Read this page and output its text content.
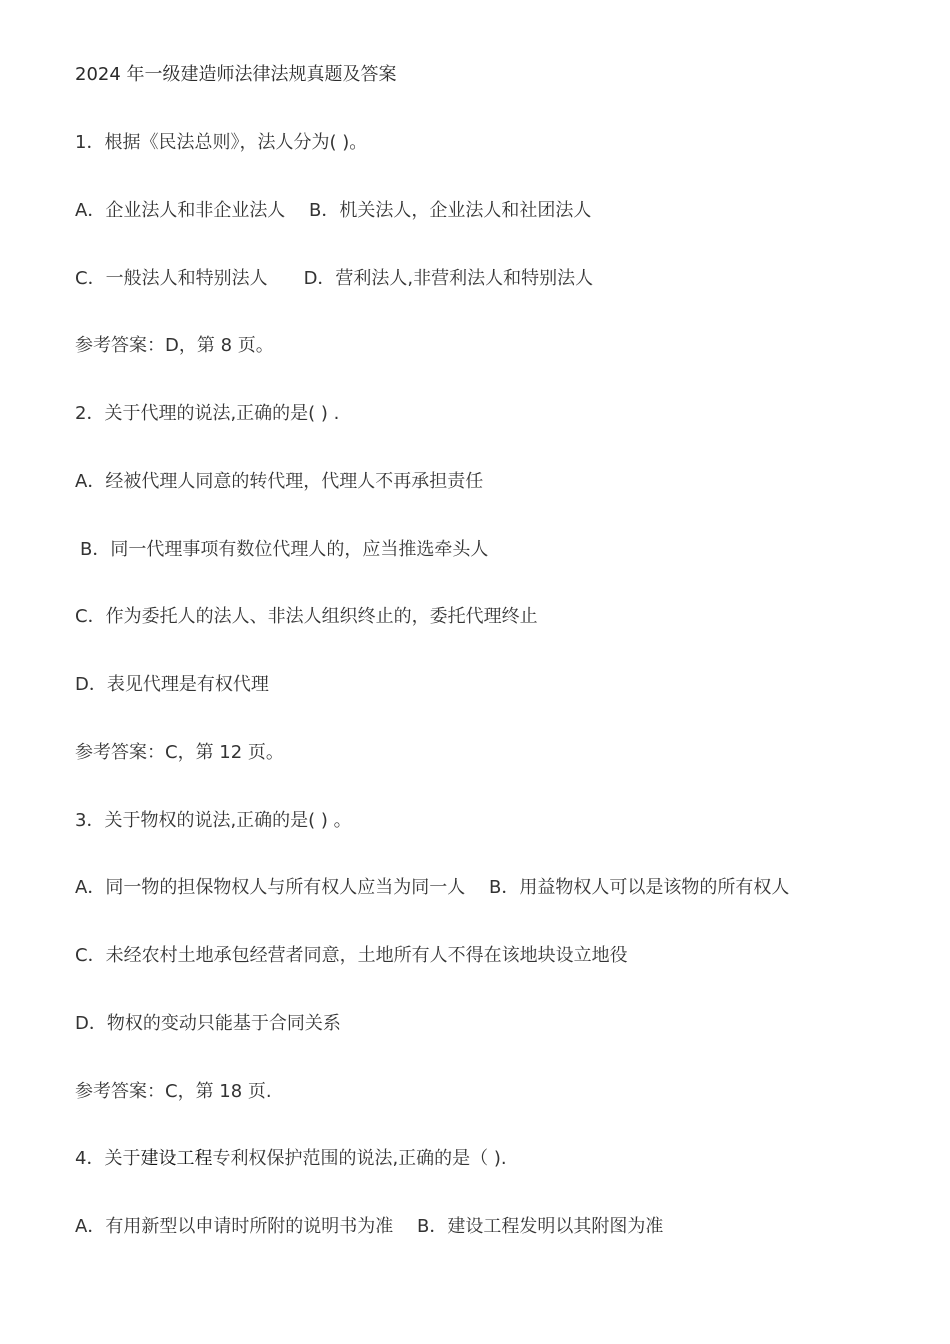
2024 年一级建造师法律法规真题及答案
1．根据《民法总则》，法人分为( )。
A．企业法人和非企业法人　 B．机关法人，企业法人和社团法人
C．一般法人和特别法人　　D．营利法人,非营利法人和特别法人
参考答案：D，第 8 页。
2．关于代理的说法,正确的是( ) .
A．经被代理人同意的转代理，代理人不再承担责任
B．同一代理事项有数位代理人的，应当推选牵头人
C．作为委托人的法人、非法人组织终止的，委托代理终止
D．表见代理是有权代理
参考答案：C，第 12 页。
3．关于物权的说法,正确的是( ) 。
A．同一物的担保物权人与所有权人应当为同一人　 B．用益物权人可以是该物的所有权人
C．未经农村土地承包经营者同意，土地所有人不得在该地块设立地役
D．物权的变动只能基于合同关系
参考答案：C，第 18 页.
4．关于建设工程专利权保护范围的说法,正确的是（ ).
A．有用新型以申请时所附的说明书为准　 B．建设工程发明以其附图为准
